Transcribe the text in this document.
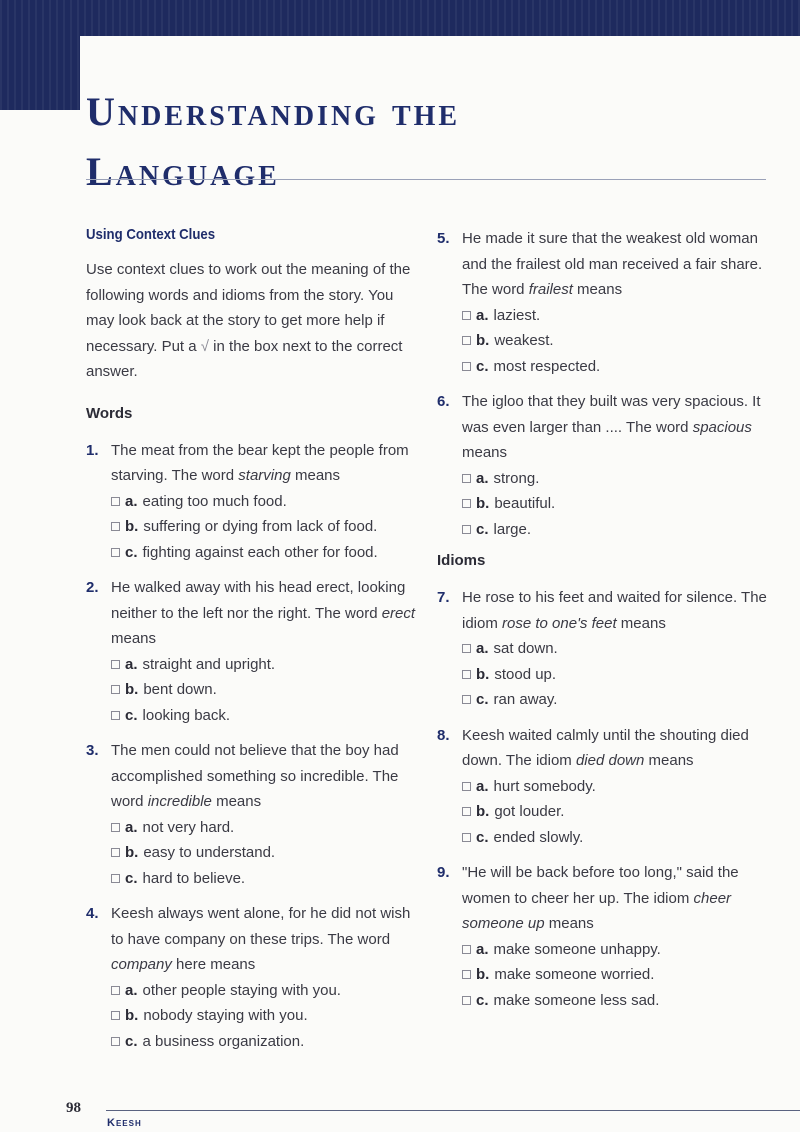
Understanding the
Language
Using Context Clues

Use context clues to work out the meaning of the following words and idioms from the story. You may look back at the story to get more help if necessary. Put a √ in the box next to the correct answer.

Words
1. The meat from the bear kept the people from starving. The word starving means

a. eating too much food.
b. suffering or dying from lack of food.
c. fighting against each other for food.
2. He walked away with his head erect, looking neither to the left nor the right. The word erect means

a. straight and upright.
b. bent down.
c. looking back.
3. The men could not believe that the boy had accomplished something so incredible. The word incredible means

a. not very hard.
b. easy to understand.
c. hard to believe.
4. Keesh always went alone, for he did not wish to have company on these trips. The word company here means

a. other people staying with you.
b. nobody staying with you.
c. a business organization.
5. He made it sure that the weakest old woman and the frailest old man received a fair share. The word frailest means

a. laziest.
b. weakest.
c. most respected.
6. The igloo that they built was very spacious. It was even larger than .... The word spacious means

a. strong.
b. beautiful.
c. large.
Idioms
7. He rose to his feet and waited for silence. The idiom rose to one's feet means

a. sat down.
b. stood up.
c. ran away.
8. Keesh waited calmly until the shouting died down. The idiom died down means

a. hurt somebody.
b. got louder.
c. ended slowly.
9. "He will be back before too long," said the women to cheer her up. The idiom cheer someone up means

a. make someone unhappy.
b. make someone worried.
c. make someone less sad.
98
Keesh
